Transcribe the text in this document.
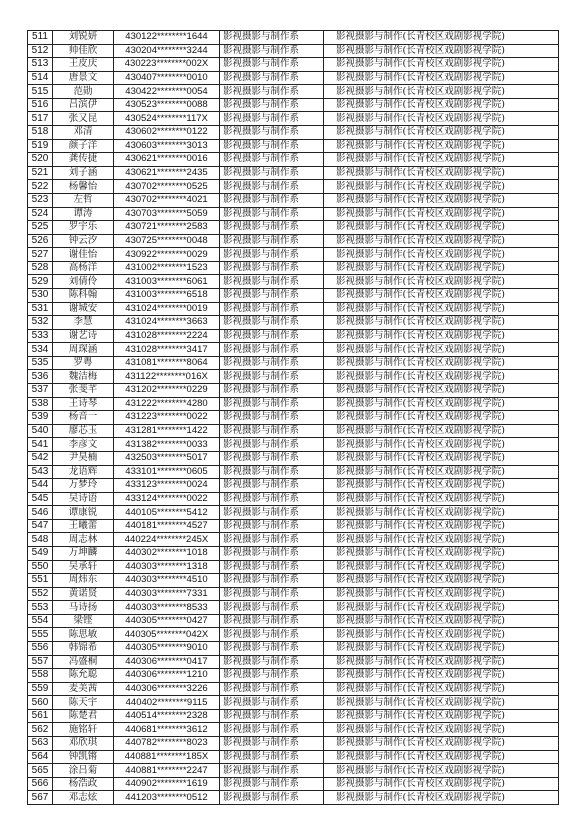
511	刘锐妍	430122********1644	影视摄影与制作系	影视摄影与制作(长青校区戏剧影视学院)
512	帅佳欣	430204********3244	影视摄影与制作系	影视摄影与制作(长青校区戏剧影视学院)
513	王皮庆	430223********002X	影视摄影与制作系	影视摄影与制作(长青校区戏剧影视学院)
514	唐景文	430407********0010	影视摄影与制作系	影视摄影与制作(长青校区戏剧影视学院)
515	范勋	430422********0054	影视摄影与制作系	影视摄影与制作(长青校区戏剧影视学院)
516	吕滨伊	430523********0088	影视摄影与制作系	影视摄影与制作(长青校区戏剧影视学院)
517	张又昆	430524********117X	影视摄影与制作系	影视摄影与制作(长青校区戏剧影视学院)
518	邓清	430602********0122	影视摄影与制作系	影视摄影与制作(长青校区戏剧影视学院)
519	颜子洋	430603********3013	影视摄影与制作系	影视摄影与制作(长青校区戏剧影视学院)
520	龚传捷	430621********0016	影视摄影与制作系	影视摄影与制作(长青校区戏剧影视学院)
521	刘子涵	430621********2435	影视摄影与制作系	影视摄影与制作(长青校区戏剧影视学院)
522	杨馨怡	430702********0525	影视摄影与制作系	影视摄影与制作(长青校区戏剧影视学院)
523	左哲	430702********4021	影视摄影与制作系	影视摄影与制作(长青校区戏剧影视学院)
524	谭涛	430703********5059	影视摄影与制作系	影视摄影与制作(长青校区戏剧影视学院)
525	罗宇乐	430721********2583	影视摄影与制作系	影视摄影与制作(长青校区戏剧影视学院)
526	钟云汐	430725********0048	影视摄影与制作系	影视摄影与制作(长青校区戏剧影视学院)
527	谢佳怡	430922********0029	影视摄影与制作系	影视摄影与制作(长青校区戏剧影视学院)
528	高杨洋	431002********1523	影视摄影与制作系	影视摄影与制作(长青校区戏剧影视学院)
529	刘倩伶	431003********6061	影视摄影与制作系	影视摄影与制作(长青校区戏剧影视学院)
530	陈科翰	431003********6518	影视摄影与制作系	影视摄影与制作(长青校区戏剧影视学院)
531	谢城安	431024********0019	影视摄影与制作系	影视摄影与制作(长青校区戏剧影视学院)
532	李慧	431024********3663	影视摄影与制作系	影视摄影与制作(长青校区戏剧影视学院)
533	谢艺诗	431028********2224	影视摄影与制作系	影视摄影与制作(长青校区戏剧影视学院)
534	周琛涵	431028********3417	影视摄影与制作系	影视摄影与制作(长青校区戏剧影视学院)
535	罗粤	431081********8064	影视摄影与制作系	影视摄影与制作(长青校区戏剧影视学院)
536	魏洁梅	431122********016X	影视摄影与制作系	影视摄影与制作(长青校区戏剧影视学院)
537	张斐芊	431202********0229	影视摄影与制作系	影视摄影与制作(长青校区戏剧影视学院)
538	王诗琴	431222********4280	影视摄影与制作系	影视摄影与制作(长青校区戏剧影视学院)
539	杨音一	431223********0022	影视摄影与制作系	影视摄影与制作(长青校区戏剧影视学院)
540	廖芯玉	431281********1422	影视摄影与制作系	影视摄影与制作(长青校区戏剧影视学院)
541	李彦文	431382********0033	影视摄影与制作系	影视摄影与制作(长青校区戏剧影视学院)
542	尹昊楠	432503********5017	影视摄影与制作系	影视摄影与制作(长青校区戏剧影视学院)
543	龙语辉	433101********0605	影视摄影与制作系	影视摄影与制作(长青校区戏剧影视学院)
544	万梦玲	433123********0024	影视摄影与制作系	影视摄影与制作(长青校区戏剧影视学院)
545	吴诗语	433124********0022	影视摄影与制作系	影视摄影与制作(长青校区戏剧影视学院)
546	谭康锐	440105********5412	影视摄影与制作系	影视摄影与制作(长青校区戏剧影视学院)
547	王曦蕾	440181********4527	影视摄影与制作系	影视摄影与制作(长青校区戏剧影视学院)
548	周志林	440224********245X	影视摄影与制作系	影视摄影与制作(长青校区戏剧影视学院)
549	万坤麟	440302********1018	影视摄影与制作系	影视摄影与制作(长青校区戏剧影视学院)
550	吴承轩	440303********1318	影视摄影与制作系	影视摄影与制作(长青校区戏剧影视学院)
551	周炜东	440303********4510	影视摄影与制作系	影视摄影与制作(长青校区戏剧影视学院)
552	黄诺贤	440303********7331	影视摄影与制作系	影视摄影与制作(长青校区戏剧影视学院)
553	马诗扬	440303********8533	影视摄影与制作系	影视摄影与制作(长青校区戏剧影视学院)
554	梁铿	440305********0427	影视摄影与制作系	影视摄影与制作(长青校区戏剧影视学院)
555	陈思敏	440305********042X	影视摄影与制作系	影视摄影与制作(长青校区戏剧影视学院)
556	韩锦希	440305********9010	影视摄影与制作系	影视摄影与制作(长青校区戏剧影视学院)
557	冯盛桐	440306********0417	影视摄影与制作系	影视摄影与制作(长青校区戏剧影视学院)
558	陈允聪	440306********1210	影视摄影与制作系	影视摄影与制作(长青校区戏剧影视学院)
559	麦美茜	440306********3226	影视摄影与制作系	影视摄影与制作(长青校区戏剧影视学院)
560	陈天宇	440402********9115	影视摄影与制作系	影视摄影与制作(长青校区戏剧影视学院)
561	陈楚君	440514********2328	影视摄影与制作系	影视摄影与制作(长青校区戏剧影视学院)
562	施铭轩	440681********3612	影视摄影与制作系	影视摄影与制作(长青校区戏剧影视学院)
563	邓欣琪	440782********8023	影视摄影与制作系	影视摄影与制作(长青校区戏剧影视学院)
564	钟凯锵	440881********185X	影视摄影与制作系	影视摄影与制作(长青校区戏剧影视学院)
565	涂吕菊	440881********2247	影视摄影与制作系	影视摄影与制作(长青校区戏剧影视学院)
566	杨浩政	440902********1619	影视摄影与制作系	影视摄影与制作(长青校区戏剧影视学院)
567	邓志炫	441203********0512	影视摄影与制作系	影视摄影与制作(长青校区戏剧影视学院)
